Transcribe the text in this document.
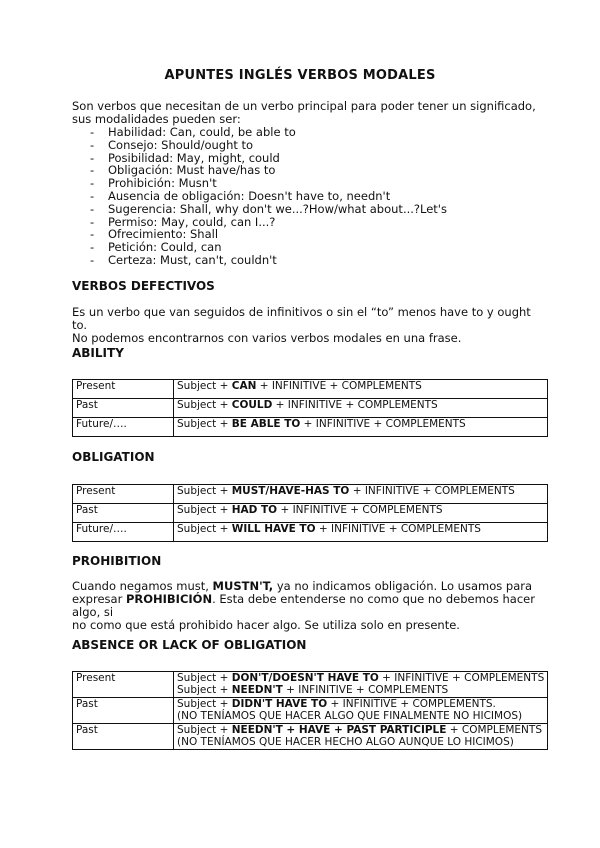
APUNTES INGLÉS VERBOS MODALES
Son verbos que necesitan de un verbo principal para poder tener un significado,
sus modalidades pueden ser:
- Habilidad: Can, could, be able to
- Consejo: Should/ought to
- Posibilidad: May, might, could
- Obligación: Must have/has to
- Prohibición: Musn't
- Ausencia de obligación: Doesn't have to, needn't
- Sugerencia: Shall, why don't we...?How/what about...?Let's
- Permiso: May, could, can I...?
- Ofrecimiento: Shall
- Petición: Could, can
- Certeza: Must, can't, couldn't
VERBOS DEFECTIVOS
Es un verbo que van seguidos de infinitivos o sin el “to” menos have to y ought to.
No podemos encontrarnos con varios verbos modales en una frase.
ABILITY
Present	Subject + CAN + INFINITIVE + COMPLEMENTS
Past	Subject + COULD + INFINITIVE + COMPLEMENTS
Future/….	Subject + BE ABLE TO + INFINITIVE + COMPLEMENTS
OBLIGATION
Present	Subject + MUST/HAVE-HAS TO + INFINITIVE + COMPLEMENTS
Past	Subject + HAD TO + INFINITIVE + COMPLEMENTS
Future/….	Subject + WILL HAVE TO + INFINITIVE + COMPLEMENTS
PROHIBITION
Cuando negamos must, MUSTN'T, ya no indicamos obligación. Lo usamos para
expresar PROHIBICIÓN. Esta debe entenderse no como que no debemos hacer algo, si
no como que está prohibido hacer algo. Se utiliza solo en presente.
ABSENCE OR LACK OF OBLIGATION
Present	Subject + DON'T/DOESN'T HAVE TO + INFINITIVE + COMPLEMENTS
Subject + NEEDN'T + INFINITIVE + COMPLEMENTS

Past	Subject + DIDN'T HAVE TO + INFINITIVE + COMPLEMENTS.
(NO TENÍAMOS QUE HACER ALGO QUE FINALMENTE NO HICIMOS)

Past	Subject + NEEDN'T + HAVE + PAST PARTICIPLE + COMPLEMENTS
(NO TENÍAMOS QUE HACER HECHO ALGO AUNQUE LO HICIMOS)
